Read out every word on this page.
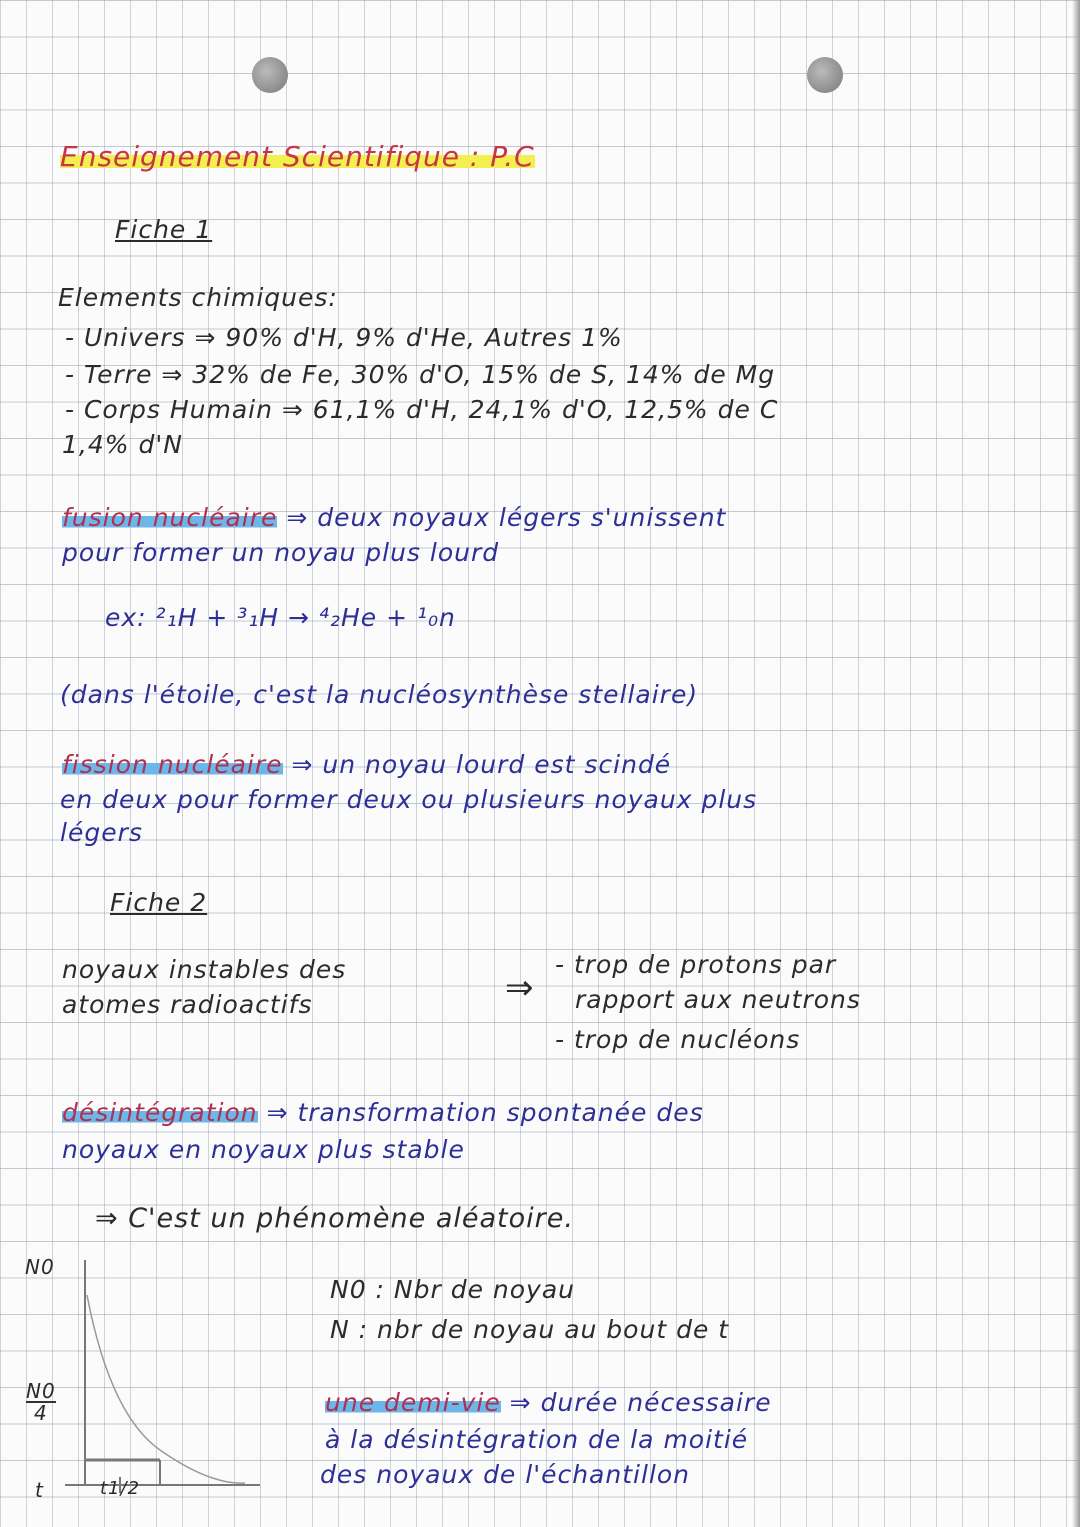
Enseignement Scientifique : P.C
Fiche 1
Elements chimiques:
- Univers ⇒ 90% d'H, 9% d'He, Autres 1%
- Terre ⇒ 32% de Fe, 30% d'O, 15% de S, 14% de Mg
- Corps Humain ⇒ 61,1% d'H, 24,1% d'O, 12,5% de C
1,4% d'N
fusion nucléaire ⇒ deux noyaux légers s'unissent
pour former un noyau plus lourd
ex: ²₁H + ³₁H → ⁴₂He + ¹₀n
(dans l'étoile, c'est la nucléosynthèse stellaire)
fission nucléaire ⇒ un noyau lourd est scindé
en deux pour former deux ou plusieurs noyaux plus
légers
Fiche 2
noyaux instables des
atomes radioactifs	⇒
- trop de protons par
rapport aux neutrons
- trop de nucléons
désintégration ⇒ transformation spontanée des
noyaux en noyaux plus stable
⇒ C'est un phénomène aléatoire.
N0
$\frac{N0}{4}$
t	t1/2
N0 : Nbr de noyau
N : nbr de noyau au bout de t
une demi-vie ⇒ durée nécessaire
à la désintégration de la moitié
des noyaux de l'échantillon
